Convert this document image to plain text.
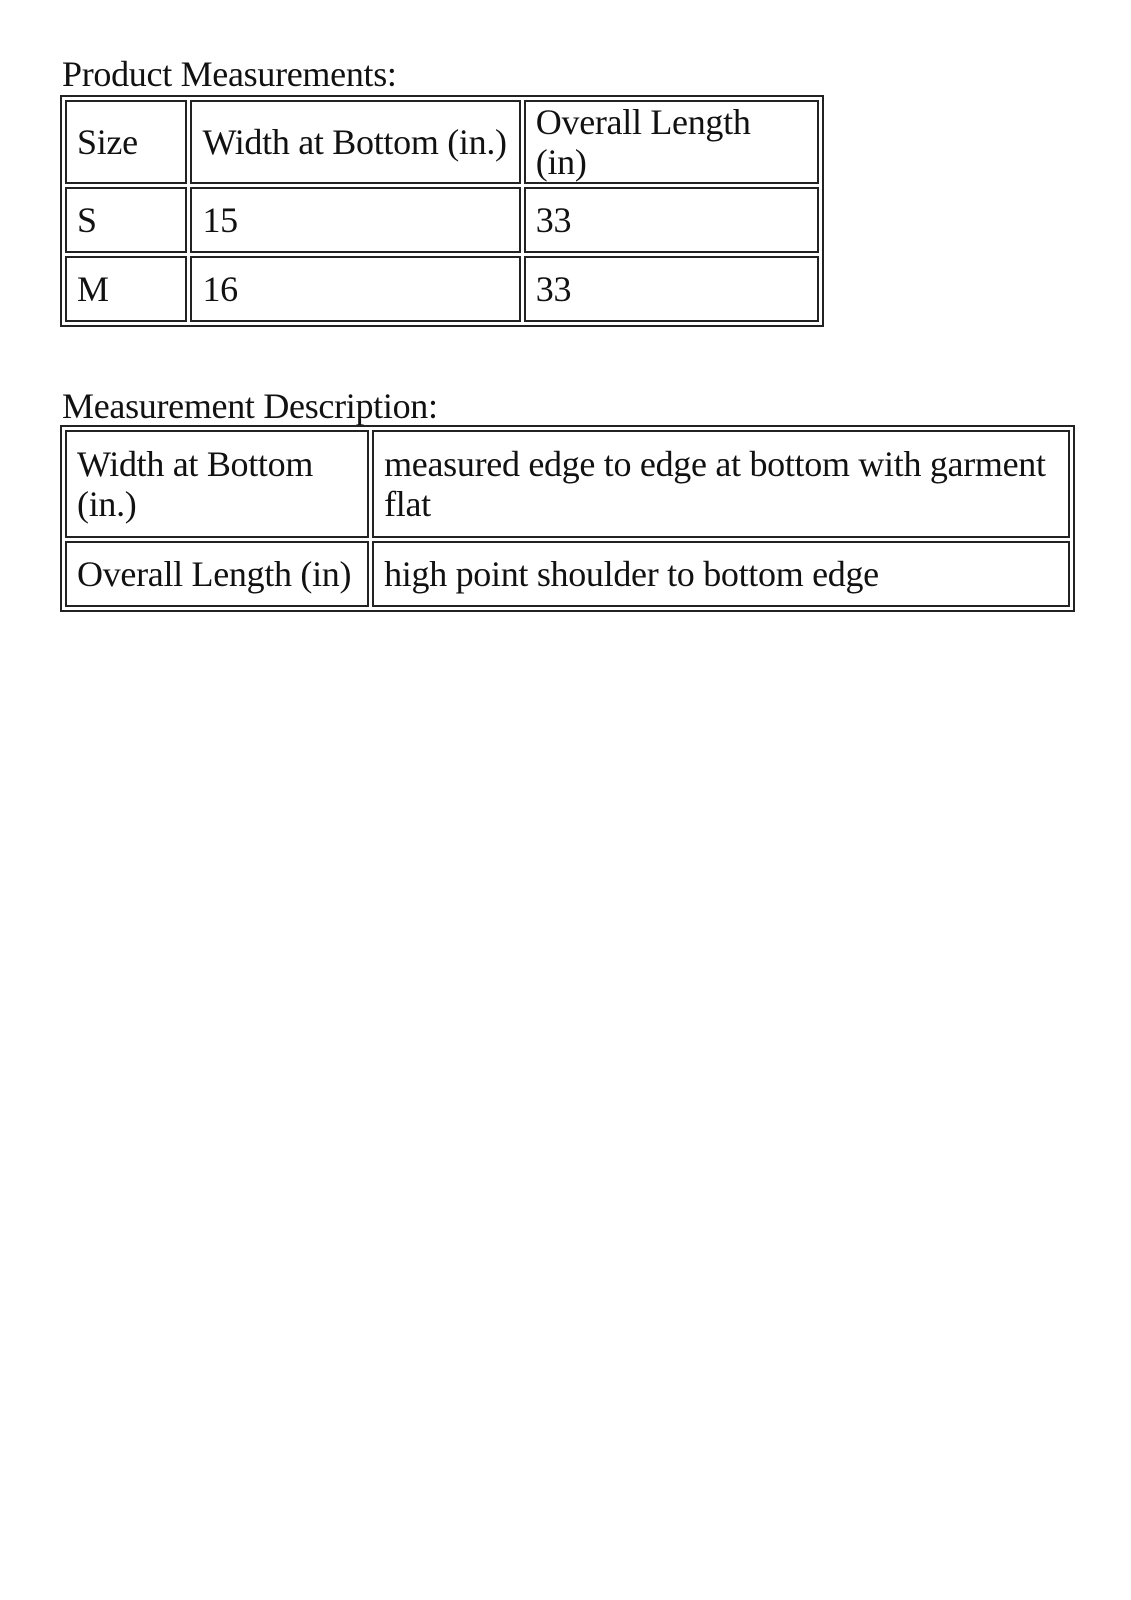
Product Measurements:
Size	Width at Bottom (in.)	Overall Length (in)
S	15	33
M	16	33
Measurement Description:
Width at Bottom (in.)	measured edge to edge at bottom with garment flat
Overall Length (in)	high point shoulder to bottom edge
